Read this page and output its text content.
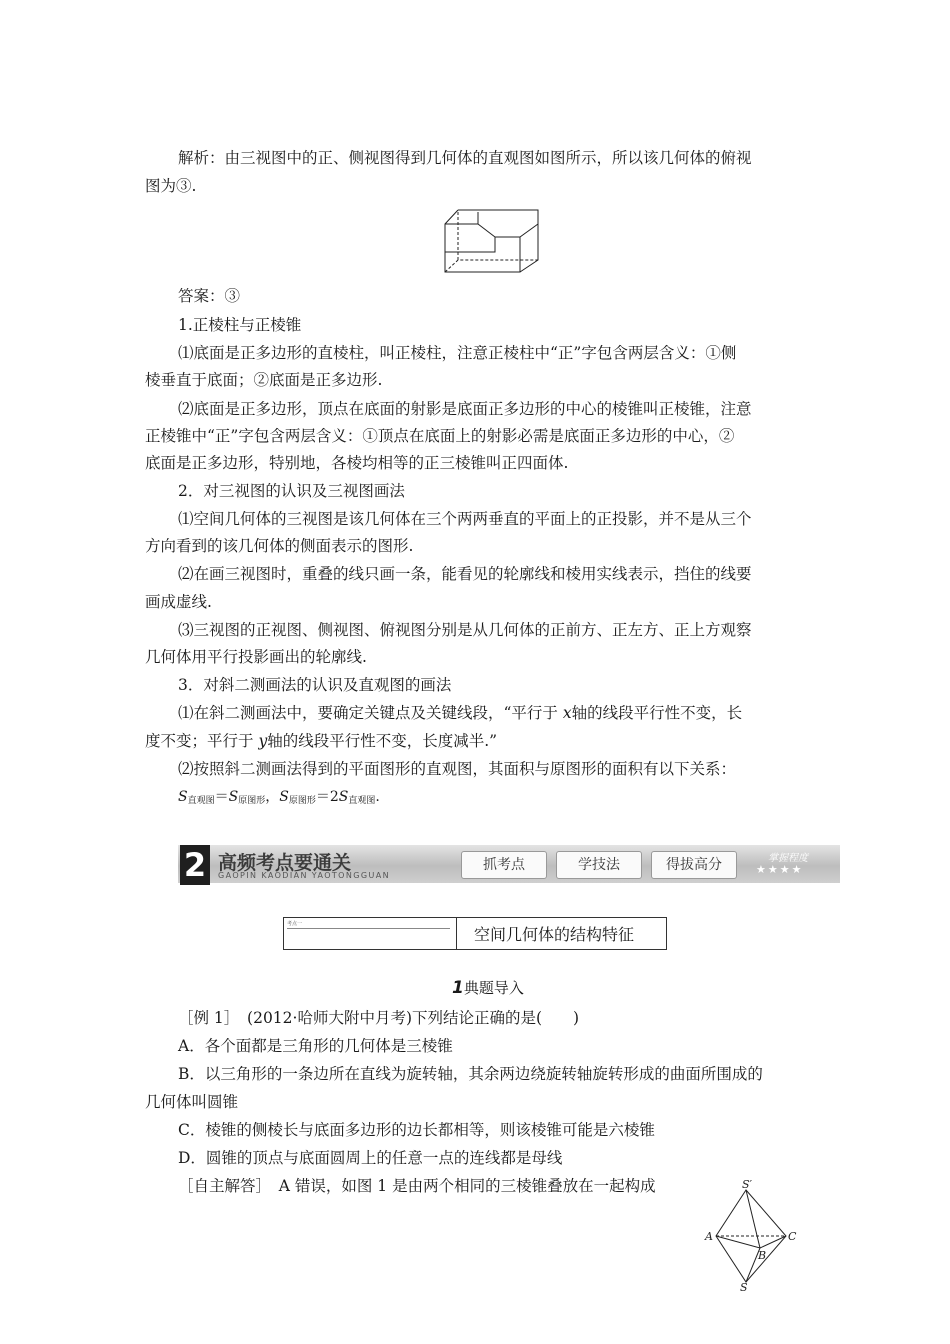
解析：由三视图中的正、侧视图得到几何体的直观图如图所示，所以该几何体的俯视
图为③.
答案：③
1.正棱柱与正棱锥
⑴底面是正多边形的直棱柱，叫正棱柱，注意正棱柱中“正”字包含两层含义：①侧
棱垂直于底面；②底面是正多边形.
⑵底面是正多边形，顶点在底面的射影是底面正多边形的中心的棱锥叫正棱锥，注意
正棱锥中“正”字包含两层含义：①顶点在底面上的射影必需是底面正多边形的中心，②
底面是正多边形，特别地，各棱均相等的正三棱锥叫正四面体.
2．对三视图的认识及三视图画法
⑴空间几何体的三视图是该几何体在三个两两垂直的平面上的正投影，并不是从三个
方向看到的该几何体的侧面表示的图形.
⑵在画三视图时，重叠的线只画一条，能看见的轮廓线和棱用实线表示，挡住的线要
画成虚线.
⑶三视图的正视图、侧视图、俯视图分别是从几何体的正前方、正左方、正上方观察
几何体用平行投影画出的轮廓线.
3．对斜二测画法的认识及直观图的画法
⑴在斜二测画法中，要确定关键点及关键线段，“平行于 x轴的线段平行性不变，长
度不变；平行于 y轴的线段平行性不变，长度减半.”
⑵按照斜二测画法得到的平面图形的直观图，其面积与原图形的面积有以下关系：
$S_{直观图}=S_{原图形}$，$S_{原图形}=2S_{直观图}$.
2 高频考点要通关
GAOPIN KAODIAN YAOTONGGUAN
抓考点	学技法	得拔高分	掌握程度
★★★★
考点一
空间几何体的结构特征
1典题导入
［例 1］　(2012·哈师大附中月考)下列结论正确的是(　　)
A．各个面都是三角形的几何体是三棱锥
B．以三角形的一条边所在直线为旋转轴，其余两边绕旋转轴旋转形成的曲面所围成的
几何体叫圆锥
C．棱锥的侧棱长与底面多边形的边长都相等，则该棱锥可能是六棱锥
D．圆锥的顶点与底面圆周上的任意一点的连线都是母线
［自主解答］　A 错误，如图 1 是由两个相同的三棱锥叠放在一起构成	S′
A
B
C
S
